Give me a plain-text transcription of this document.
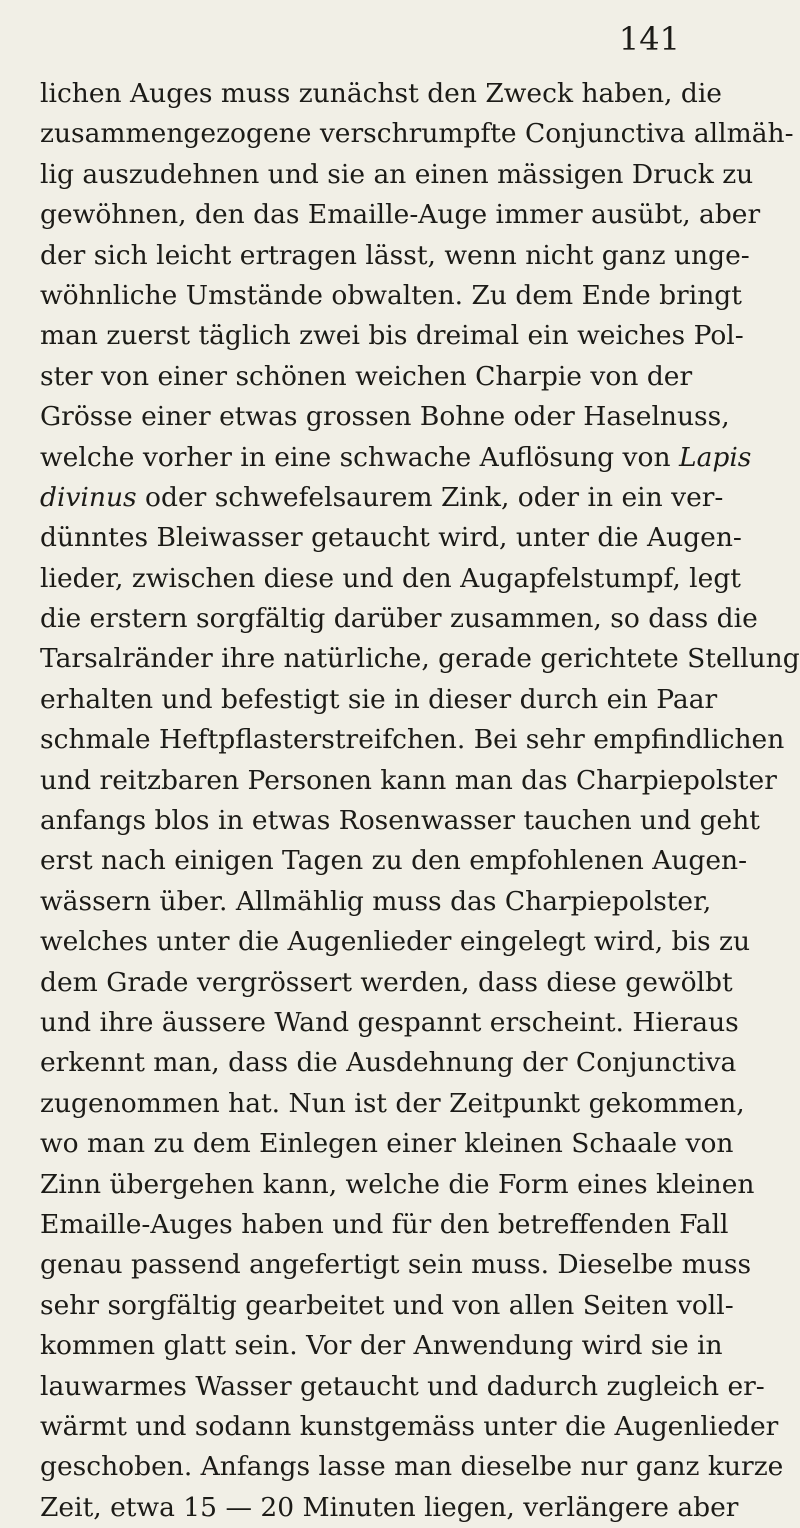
141
lichen Auges muss zunächst den Zweck haben, die
zusammengezogene verschrumpfte Conjunctiva allmäh-
lig auszudehnen und sie an einen mässigen Druck zu
gewöhnen, den das Emaille-Auge immer ausübt, aber
der sich leicht ertragen lässt, wenn nicht ganz unge-
wöhnliche Umstände obwalten. Zu dem Ende bringt
man zuerst täglich zwei bis dreimal ein weiches Pol-
ster von einer schönen weichen Charpie von der
Grösse einer etwas grossen Bohne oder Haselnuss,
welche vorher in eine schwache Auflösung von Lapis
divinus oder schwefelsaurem Zink, oder in ein ver-
dünntes Bleiwasser getaucht wird, unter die Augen-
lieder, zwischen diese und den Augapfelstumpf, legt
die erstern sorgfältig darüber zusammen, so dass die
Tarsalränder ihre natürliche, gerade gerichtete Stellung
erhalten und befestigt sie in dieser durch ein Paar
schmale Heftpflasterstreifchen. Bei sehr empfindlichen
und reitzbaren Personen kann man das Charpiepolster
anfangs blos in etwas Rosenwasser tauchen und geht
erst nach einigen Tagen zu den empfohlenen Augen-
wässern über. Allmählig muss das Charpiepolster,
welches unter die Augenlieder eingelegt wird, bis zu
dem Grade vergrössert werden, dass diese gewölbt
und ihre äussere Wand gespannt erscheint. Hieraus
erkennt man, dass die Ausdehnung der Conjunctiva
zugenommen hat. Nun ist der Zeitpunkt gekommen,
wo man zu dem Einlegen einer kleinen Schaale von
Zinn übergehen kann, welche die Form eines kleinen
Emaille-Auges haben und für den betreffenden Fall
genau passend angefertigt sein muss. Dieselbe muss
sehr sorgfältig gearbeitet und von allen Seiten voll-
kommen glatt sein. Vor der Anwendung wird sie in
lauwarmes Wasser getaucht und dadurch zugleich er-
wärmt und sodann kunstgemäss unter die Augenlieder
geschoben. Anfangs lasse man dieselbe nur ganz kurze
Zeit, etwa 15 — 20 Minuten liegen, verlängere aber
